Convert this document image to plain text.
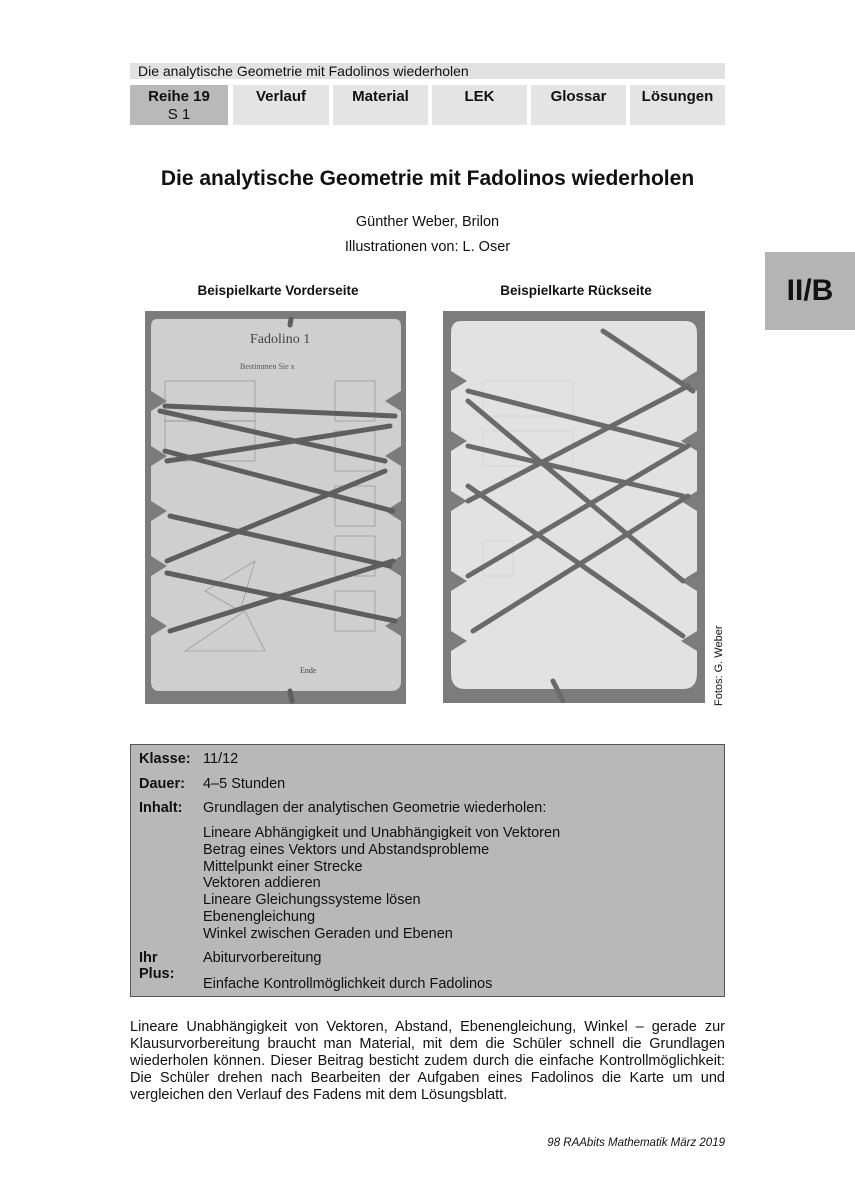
Die analytische Geometrie mit Fadolinos wiederholen
Reihe 19
S 1
Verlauf	Material	LEK	Glossar Lösungen
Die analytische Geometrie mit Fadolinos wiederholen
Günther Weber, Brilon
Illustrationen von: L. Oser
II/B
Beispielkarte Vorderseite	Beispielkarte Rückseite
Fadolino 1
Bestimmen Sie x
Ende	Fotos: G. Weber
Klasse: 11/12
Dauer: 4–5 Stunden
Inhalt: Grundlagen der analytischen Geometrie wiederholen:
Lineare Abhängigkeit und Unabhängigkeit von Vektoren
Betrag eines Vektors und Abstandsprobleme
Mittelpunkt einer Strecke
Vektoren addieren
Lineare Gleichungssysteme lösen
Ebenengleichung
Winkel zwischen Geraden und Ebenen
Ihr Plus:
Abiturvorbereitung
Einfache Kontrollmöglichkeit durch Fadolinos
Lineare Unabhängigkeit von Vektoren, Abstand, Ebenengleichung, Winkel – gerade zur Klausurvorbereitung braucht man Material, mit dem die Schüler schnell die Grundlagen wiederholen können. Dieser Beitrag besticht zudem durch die einfache Kontrollmöglichkeit: Die Schüler drehen nach Bearbeiten der Aufgaben eines Fadolinos die Karte um und vergleichen den Verlauf des Fadens mit dem Lösungsblatt.
98 RAAbits Mathematik März 2019
